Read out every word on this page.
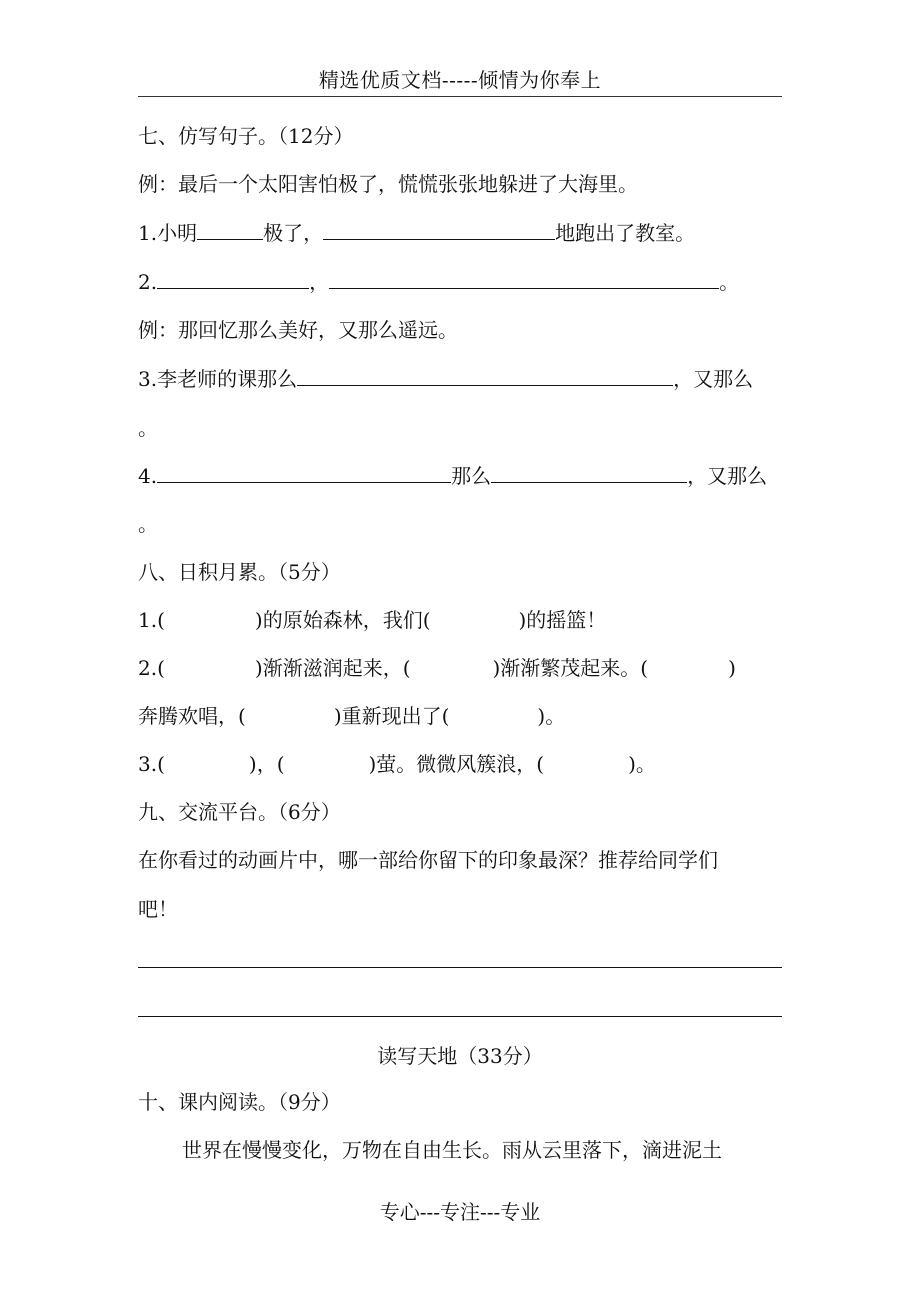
精选优质文档-----倾情为你奉上
七、仿写句子。（12分）
例：最后一个太阳害怕极了，慌慌张张地躲进了大海里。
1.小明	极了，	地跑出了教室。
2.	，	。
例：那回忆那么美好，又那么遥远。
3.李老师的课那么	，又那么
。
4.	那么	，又那么
。
八、日积月累。（5分）
1.(	)的原始森林，我们(	)的摇篮！
2.(	)渐渐滋润起来，(	)渐渐繁茂起来。(	)
奔腾欢唱，(	)重新现出了(	)。
3.(	)，(	)萤。微微风簇浪，(	)。
九、交流平台。（6分）
在你看过的动画片中，哪一部给你留下的印象最深？推荐给同学们
吧！
读写天地（33分）
十、课内阅读。（9分）
世界在慢慢变化，万物在自由生长。雨从云里落下，滴进泥土
专心---专注---专业
